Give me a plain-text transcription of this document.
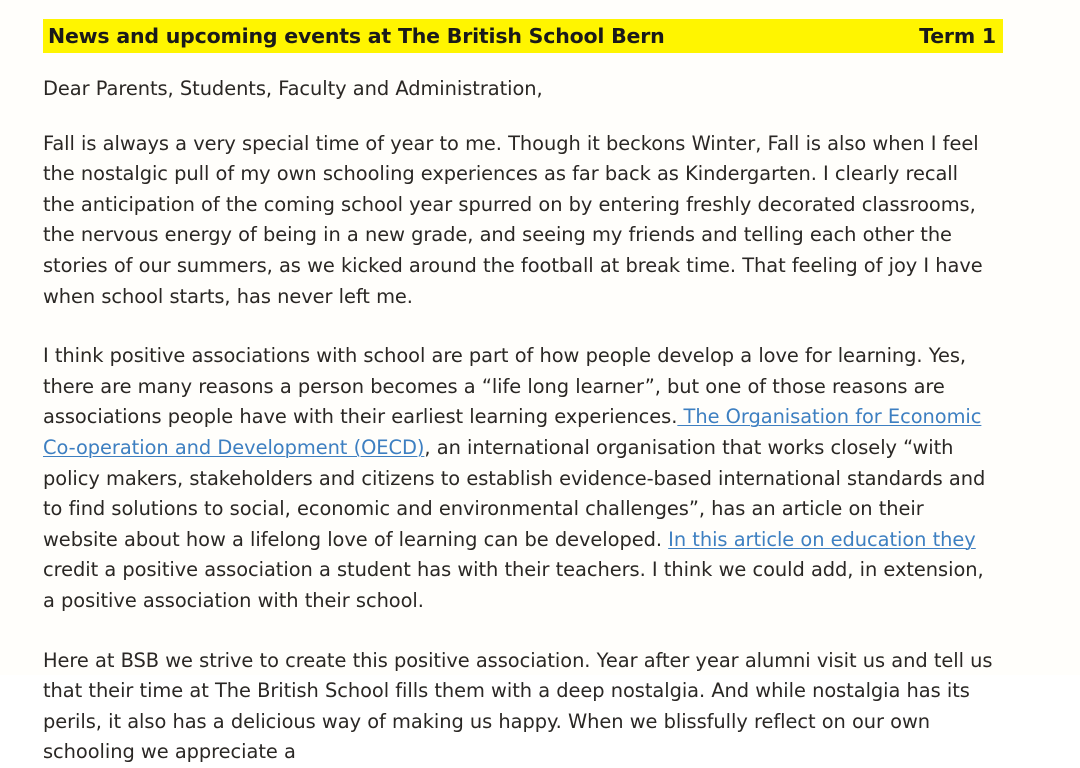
News and upcoming events at The British School Bern	Term 1

Dear Parents, Students, Faculty and Administration,

Fall is always a very special time of year to me. Though it beckons Winter, Fall is also when I feel the nostalgic pull of my own schooling experiences as far back as Kindergarten. I clearly recall the anticipation of the coming school year spurred on by entering freshly decorated classrooms, the nervous energy of being in a new grade, and seeing my friends and telling each other the stories of our summers, as we kicked around the football at break time. That feeling of joy I have when school starts, has never left me.

I think positive associations with school are part of how people develop a love for learning. Yes, there are many reasons a person becomes a “life long learner”, but one of those reasons are associations people have with their earliest learning experiences. The Organisation for Economic Co-operation and Development (OECD), an international organisation that works closely “with policy makers, stakeholders and citizens to establish evidence-based international standards and to find solutions to social, economic and environmental challenges”, has an article on their website about how a lifelong love of learning can be developed. In this article on education they credit a positive association a student has with their teachers. I think we could add, in extension, a positive association with their school.

Here at BSB we strive to create this positive association. Year after year alumni visit us and tell us that their time at The British School fills them with a deep nostalgia. And while nostalgia has its perils, it also has a delicious way of making us happy. When we blissfully reflect on our own schooling we appreciate a
